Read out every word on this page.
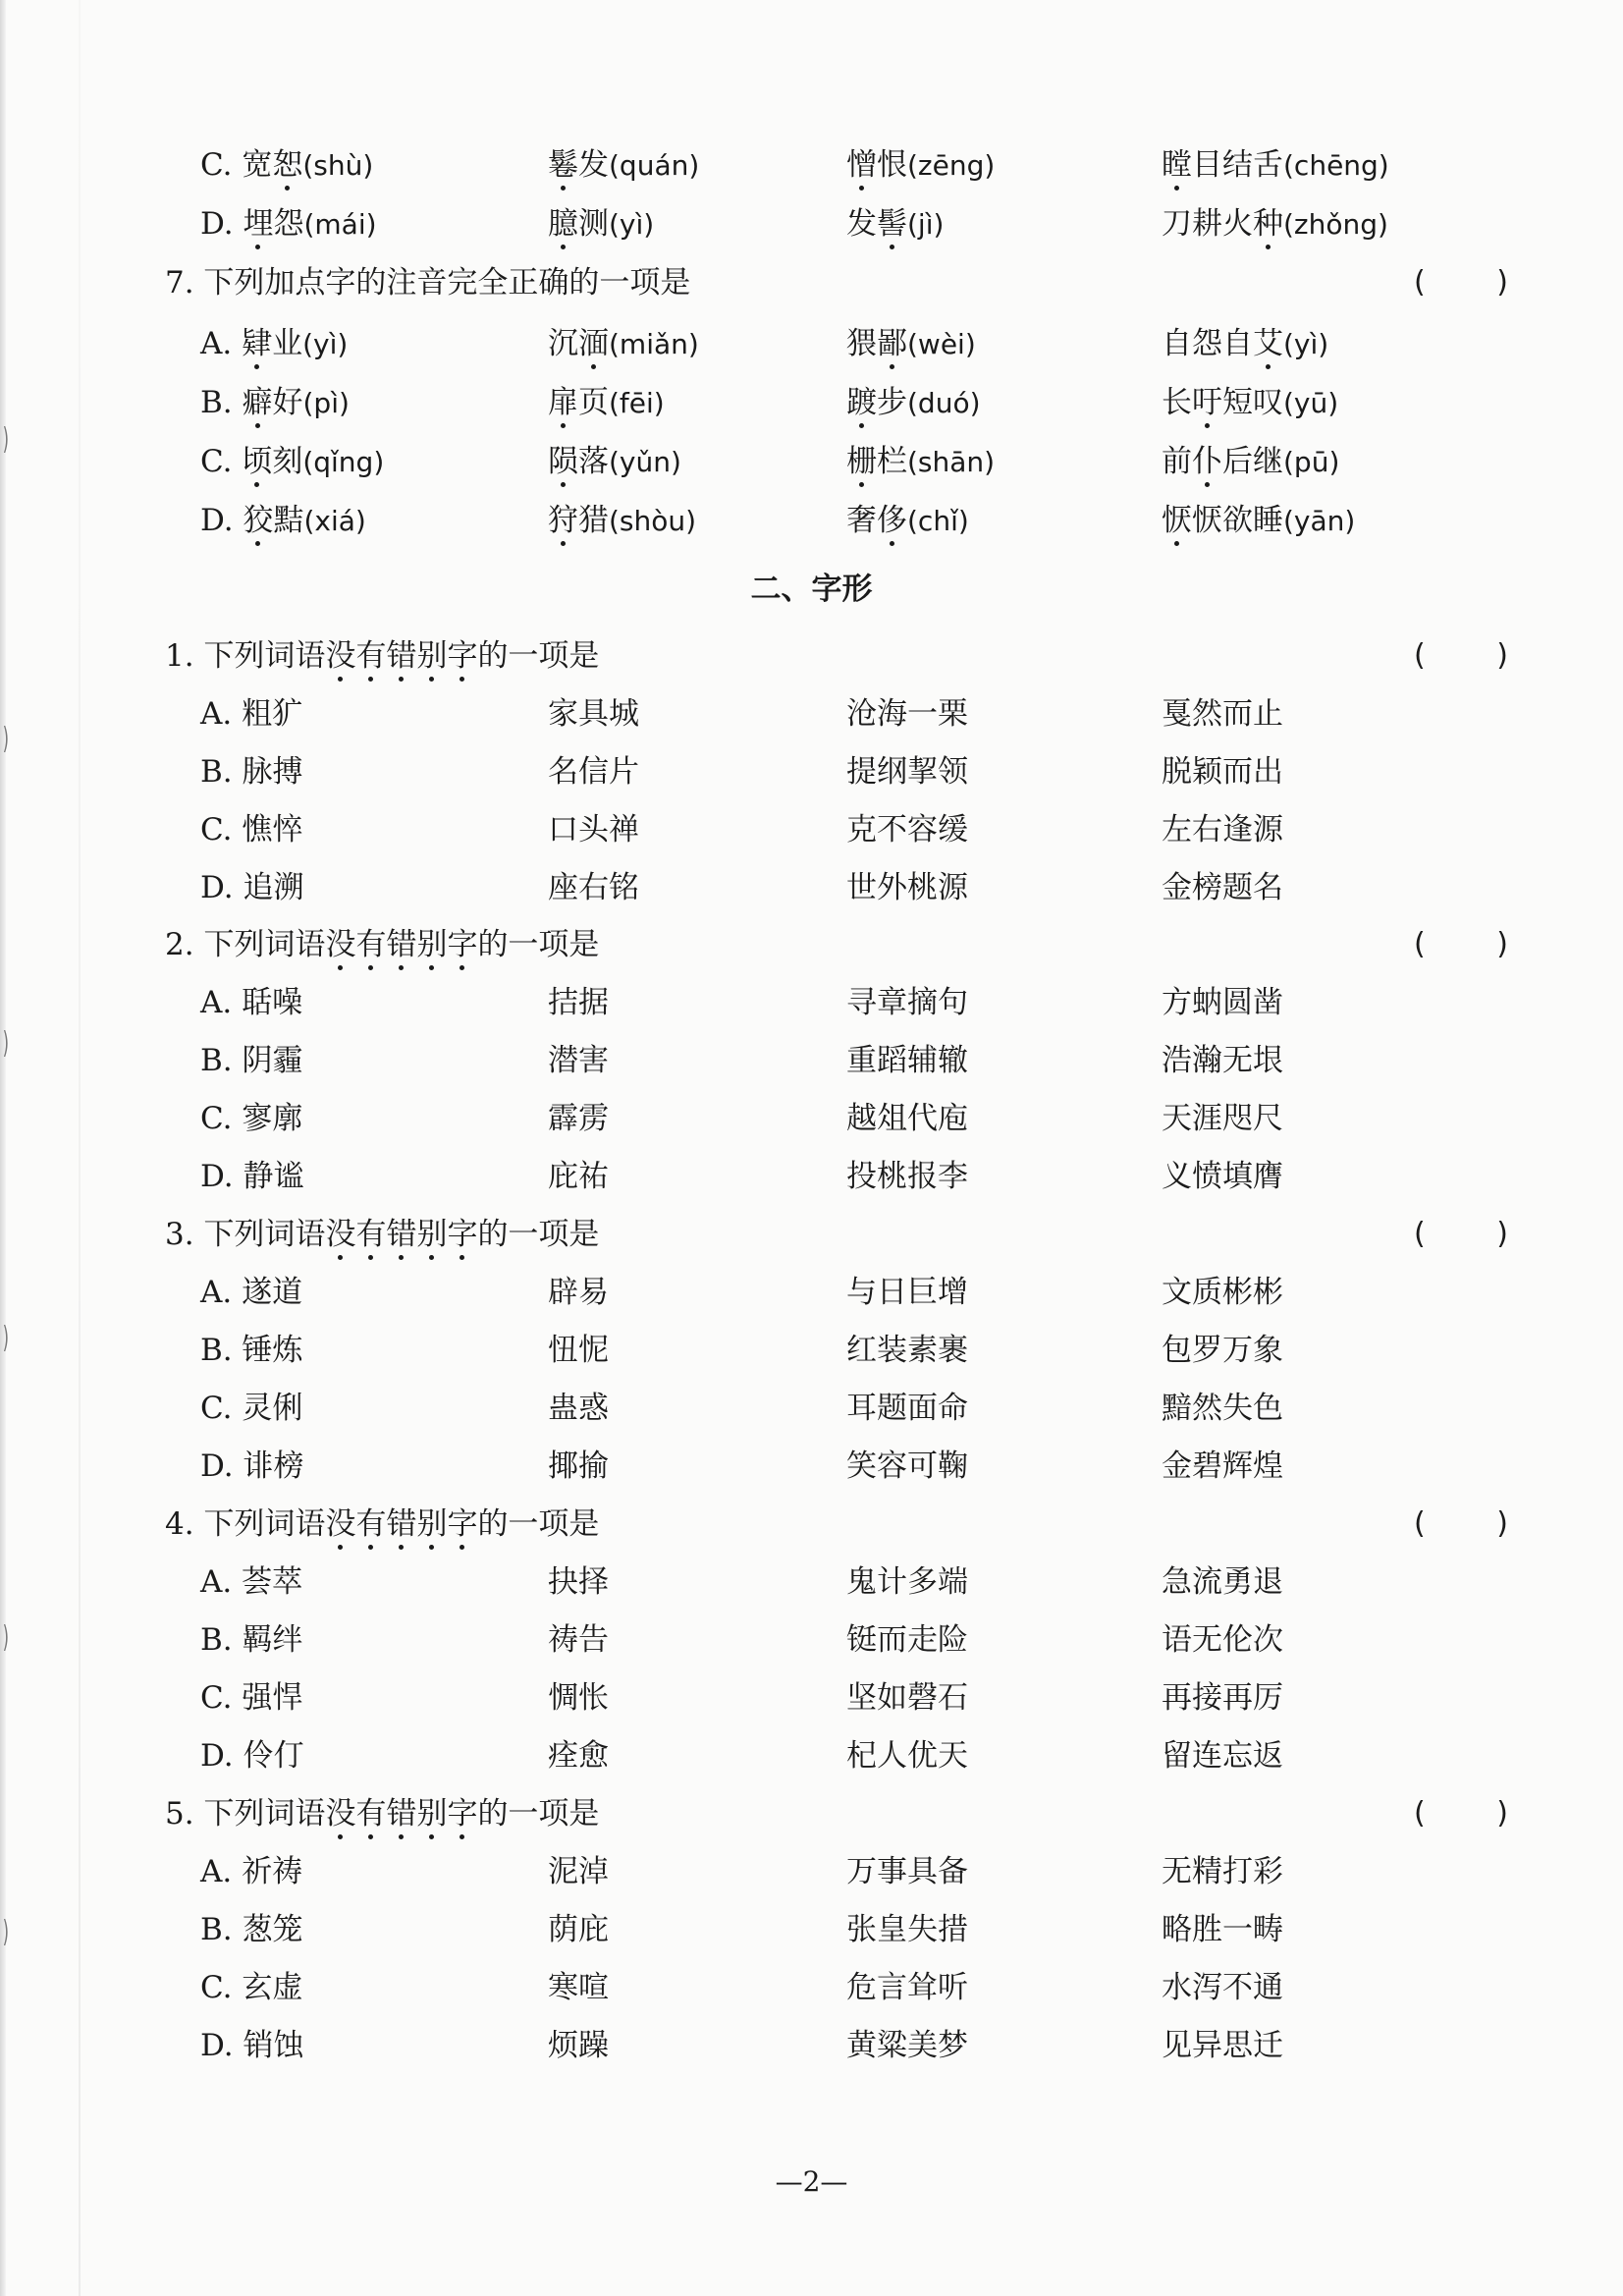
)
)
)
)
)
)
C. 宽恕(shù)	鬈发(quán)	憎恨(zēng)	瞠目结舌(chēng)
D. 埋怨(mái)	臆测(yì)	发髻(jì)	刀耕火种(zhǒng)
7. 下列加点字的注音完全正确的一项是	( )
A. 肄业(yì)	沉湎(miǎn)	猥鄙(wèi)	自怨自艾(yì)
B. 癖好(pì)	扉页(fēi)	踱步(duó)	长吁短叹(yū)
C. 顷刻(qǐng)	陨落(yǔn)	栅栏(shān)	前仆后继(pū)
D. 狡黠(xiá)	狩猎(shòu)	奢侈(chǐ)	恹恹欲睡(yān)
1. 下列词语没有错别字的一项是	( )
A. 粗犷	家具城	沧海一栗	戛然而止
B. 脉搏	名信片	提纲挈领	脱颖而出
C. 憔悴	口头禅	克不容缓	左右逢源
D. 追溯	座右铭	世外桃源	金榜题名
2. 下列词语没有错别字的一项是	( )
A. 聒噪	拮据	寻章摘句	方蚋圆凿
B. 阴霾	潜害	重蹈辅辙	浩瀚无垠
C. 寥廓	霹雳	越俎代庖	天涯咫尺
D. 静谧	庇祐	投桃报李	义愤填膺
3. 下列词语没有错别字的一项是	( )
A. 遂道	辟易	与日巨增	文质彬彬
B. 锤炼	忸怩	红装素裹	包罗万象
C. 灵俐	蛊惑	耳题面命	黯然失色
D. 诽榜	揶揄	笑容可鞠	金碧辉煌
4. 下列词语没有错别字的一项是	( )
A. 荟萃	抉择	鬼计多端	急流勇退
B. 羁绊	祷告	铤而走险	语无伦次
C. 强悍	惆怅	坚如磬石	再接再厉
D. 伶仃	痊愈	杞人优天	留连忘返
5. 下列词语没有错别字的一项是	( )
A. 祈祷	泥淖	万事具备	无精打彩
B. 葱笼	荫庇	张皇失措	略胜一畴
C. 玄虚	寒喧	危言耸听	水泻不通
D. 销蚀	烦躁	黄粱美梦	见异思迁
二、字形
—2—
